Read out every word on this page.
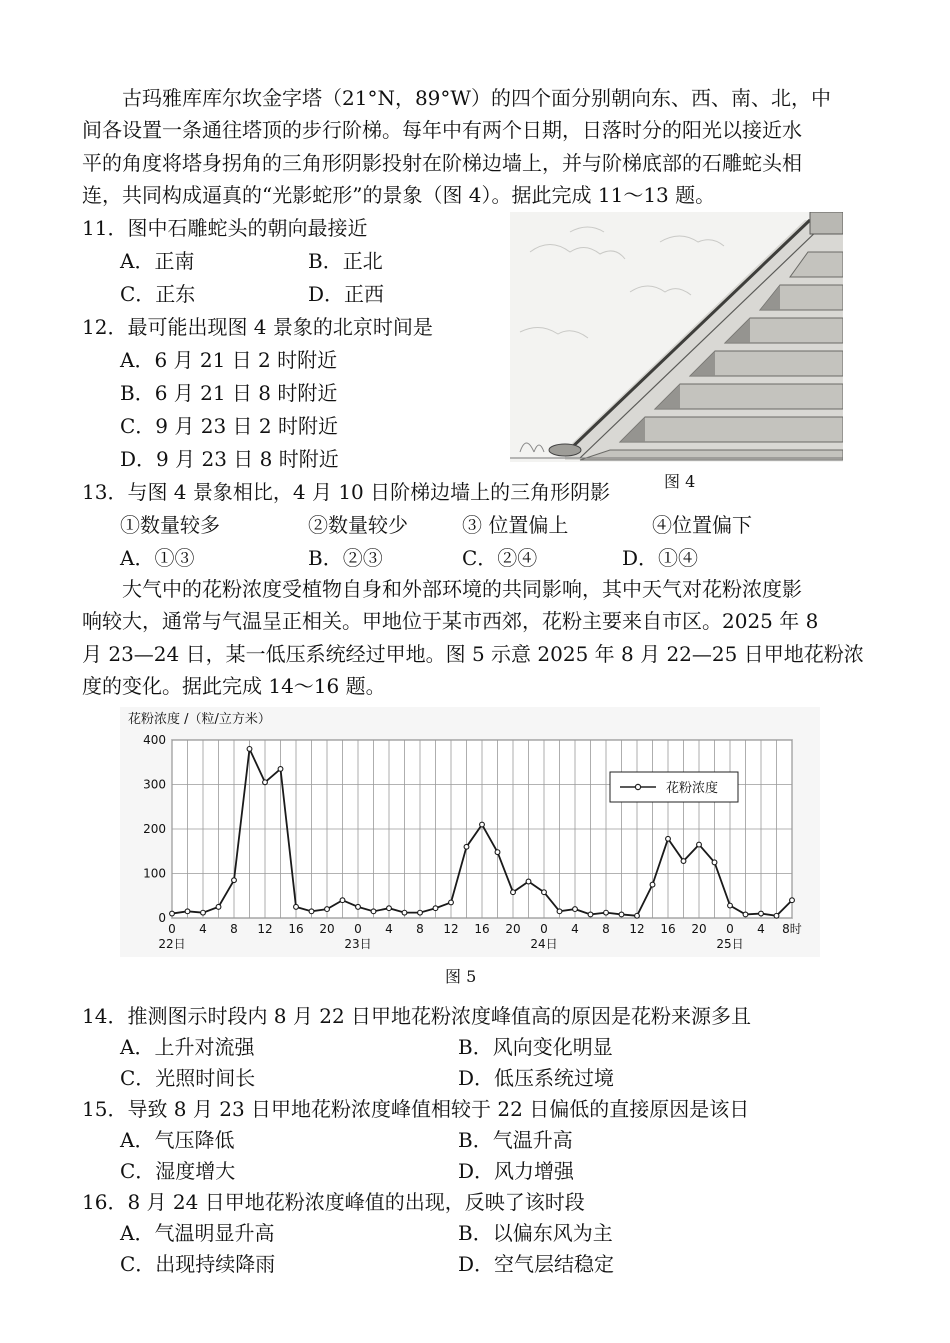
古玛雅库库尔坎金字塔（21°N，89°W）的四个面分别朝向东、西、南、北，中
间各设置一条通往塔顶的步行阶梯。每年中有两个日期，日落时分的阳光以接近水
平的角度将塔身拐角的三角形阴影投射在阶梯边墙上，并与阶梯底部的石雕蛇头相
连，共同构成逼真的“光影蛇形”的景象（图 4）。据此完成 11～13 题。
11．图中石雕蛇头的朝向最接近
A．正南	B．正北
C．正东	D．正西
12．最可能出现图 4 景象的北京时间是
A．6 月 21 日 2 时附近
B．6 月 21 日 8 时附近
C．9 月 23 日 2 时附近
D．9 月 23 日 8 时附近
图 4
13．与图 4 景象相比，4 月 10 日阶梯边墙上的三角形阴影
①数量较多	②数量较少	③ 位置偏上	④位置偏下
A．①③	B．②③	C．②④	D．①④
大气中的花粉浓度受植物自身和外部环境的共同影响，其中天气对花粉浓度影
响较大，通常与气温呈正相关。甲地位于某市西郊，花粉主要来自市区。2025 年 8
月 23—24 日，某一低压系统经过甲地。图 5 示意 2025 年 8 月 22—25 日甲地花粉浓
度的变化。据此完成 14～16 题。
花粉浓度 /（粒/立方米）
0
100
200
300
400
0 4 8 12 16 20 0 4 8 12 16 20 0 4 8 12 16 20 0 4 8时
22日	23日	24日	25日
花粉浓度
图 5
14．推测图示时段内 8 月 22 日甲地花粉浓度峰值高的原因是花粉来源多且
A．上升对流强	B．风向变化明显
C．光照时间长	D．低压系统过境
15．导致 8 月 23 日甲地花粉浓度峰值相较于 22 日偏低的直接原因是该日
A．气压降低	B．气温升高
C．湿度增大	D．风力增强
16．8 月 24 日甲地花粉浓度峰值的出现，反映了该时段
A．气温明显升高	B．以偏东风为主
C．出现持续降雨	D．空气层结稳定
